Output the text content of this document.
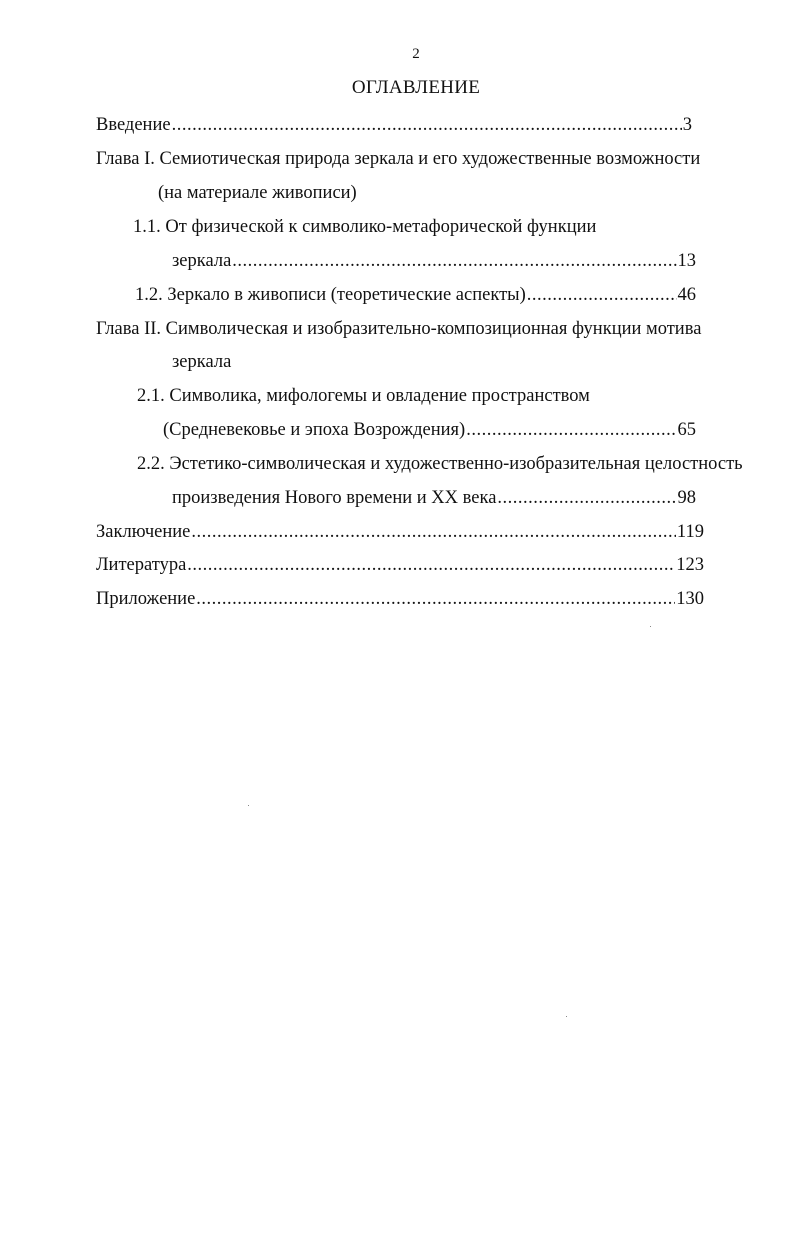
2
ОГЛАВЛЕНИЕ
Введение .....	3
Глава I. Семиотическая природа зеркала и его художественные возможности
(на материале живописи)
1.1. От физической к символико-метафорической функции
зеркала .....	13
1.2. Зеркало в живописи (теоретические аспекты) .....	46
Глава II. Символическая и изобразительно-композиционная функции мотива
зеркала
2.1. Символика, мифологемы и овладение пространством
(Средневековье и эпоха Возрождения) .....	65
2.2. Эстетико-символическая и художественно-изобразительная целостность
произведения Нового времени и XX века .....	98
Заключение .....	119
Литература .....	123
Приложение .....	130
